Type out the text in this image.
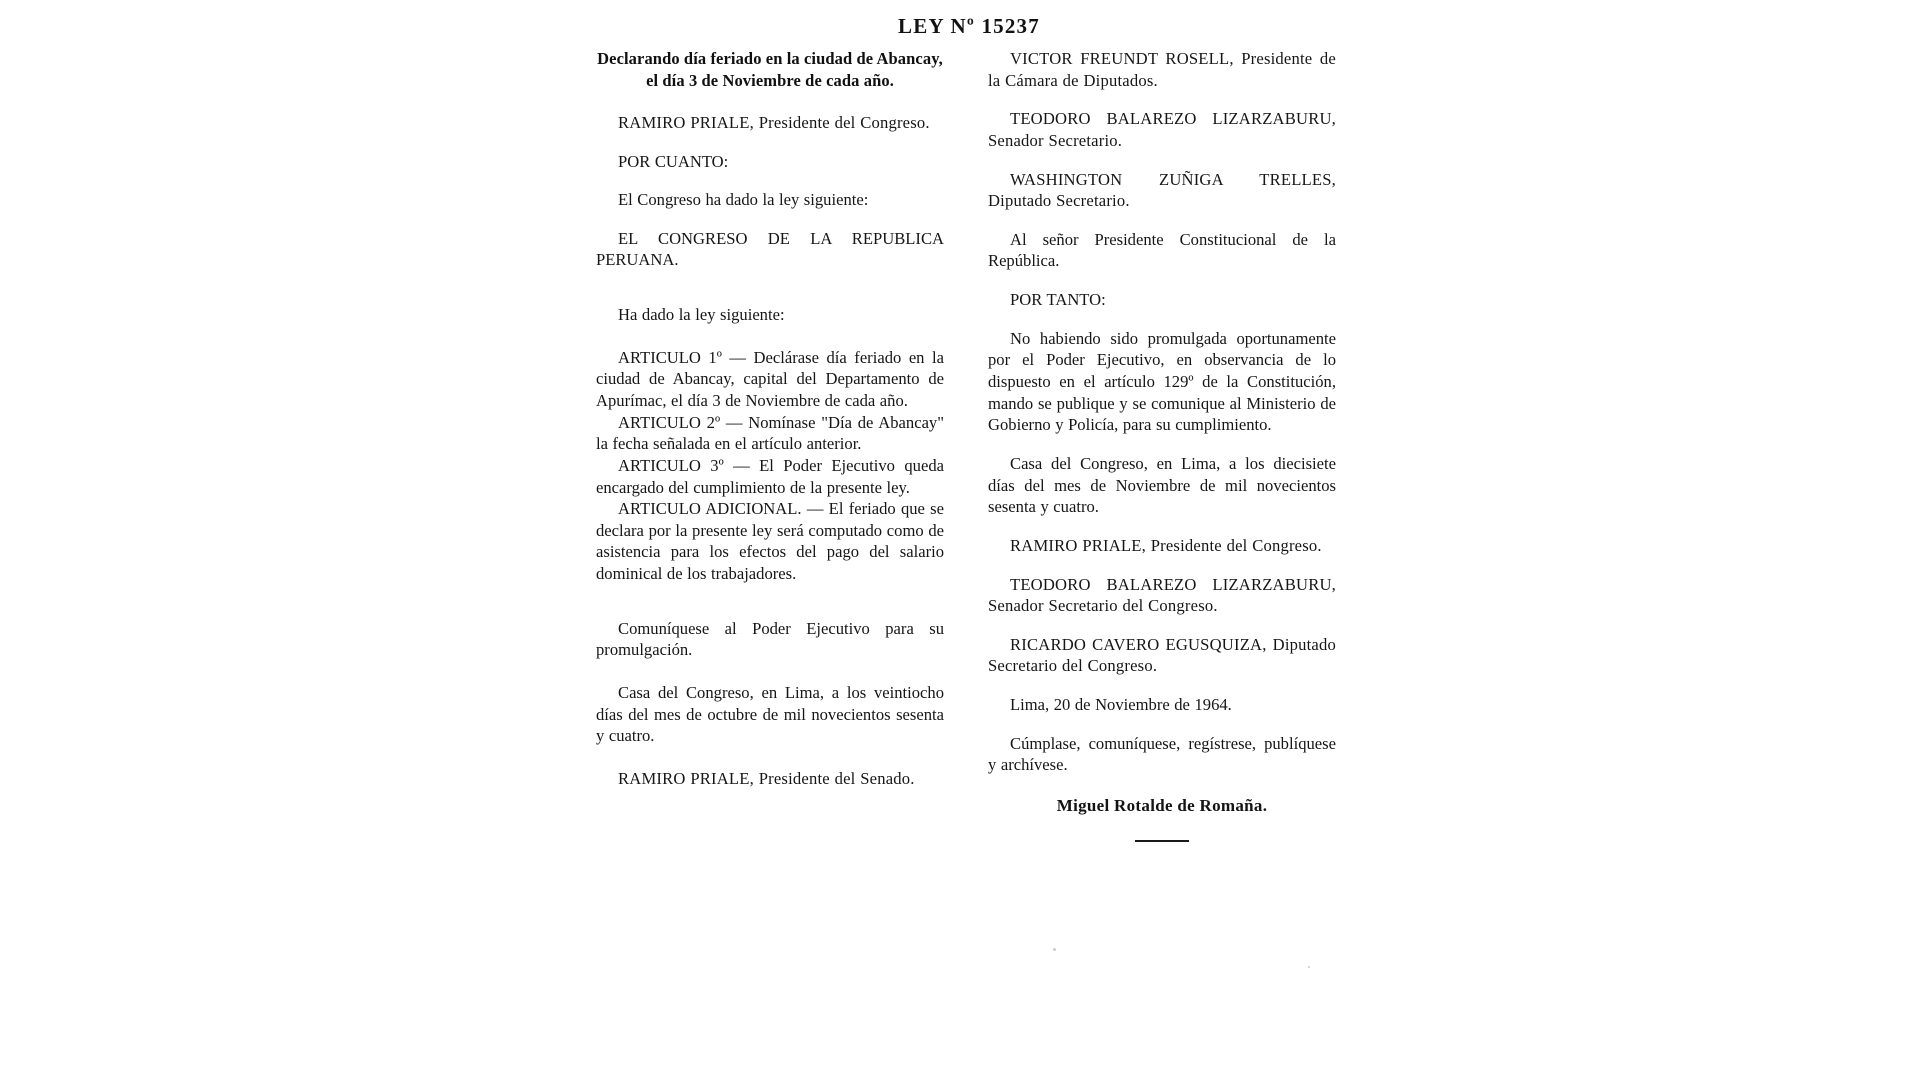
LEY Nº 15237
Declarando día feriado en la ciudad de Abancay, el día 3 de Noviembre de cada año.

RAMIRO PRIALE, Presidente del Congreso.

POR CUANTO:

El Congreso ha dado la ley siguiente:

EL CONGRESO DE LA REPUBLICA PERUANA.

Ha dado la ley siguiente:

ARTICULO 1º — Declárase día feriado en la ciudad de Abancay, capital del Departamento de Apurímac, el día 3 de Noviembre de cada año.

ARTICULO 2º — Nomínase "Día de Abancay" la fecha señalada en el artículo anterior.

ARTICULO 3º — El Poder Ejecutivo queda encargado del cumplimiento de la presente ley.

ARTICULO ADICIONAL. — El feriado que se declara por la presente ley será computado como de asistencia para los efectos del pago del salario dominical de los trabajadores.

Comuníquese al Poder Ejecutivo para su promulgación.

Casa del Congreso, en Lima, a los veintiocho días del mes de octubre de mil novecientos sesenta y cuatro.

RAMIRO PRIALE, Presidente del Senado.

VICTOR FREUNDT ROSELL, Presidente de la Cámara de Diputados.

TEODORO BALAREZO LIZARZABURU, Senador Secretario.

WASHINGTON ZUÑIGA TRELLES, Diputado Secretario.

Al señor Presidente Constitucional de la República.

POR TANTO:

No habiendo sido promulgada oportunamente por el Poder Ejecutivo, en observancia de lo dispuesto en el artículo 129º de la Constitución, mando se publique y se comunique al Ministerio de Gobierno y Policía, para su cumplimiento.

Casa del Congreso, en Lima, a los diecisiete días del mes de Noviembre de mil novecientos sesenta y cuatro.

RAMIRO PRIALE, Presidente del Congreso.

TEODORO BALAREZO LIZARZABURU, Senador Secretario del Congreso.

RICARDO CAVERO EGUSQUIZA, Diputado Secretario del Congreso.

Lima, 20 de Noviembre de 1964.

Cúmplase, comuníquese, regístrese, publíquese y archívese.

Miguel Rotalde de Romaña.
